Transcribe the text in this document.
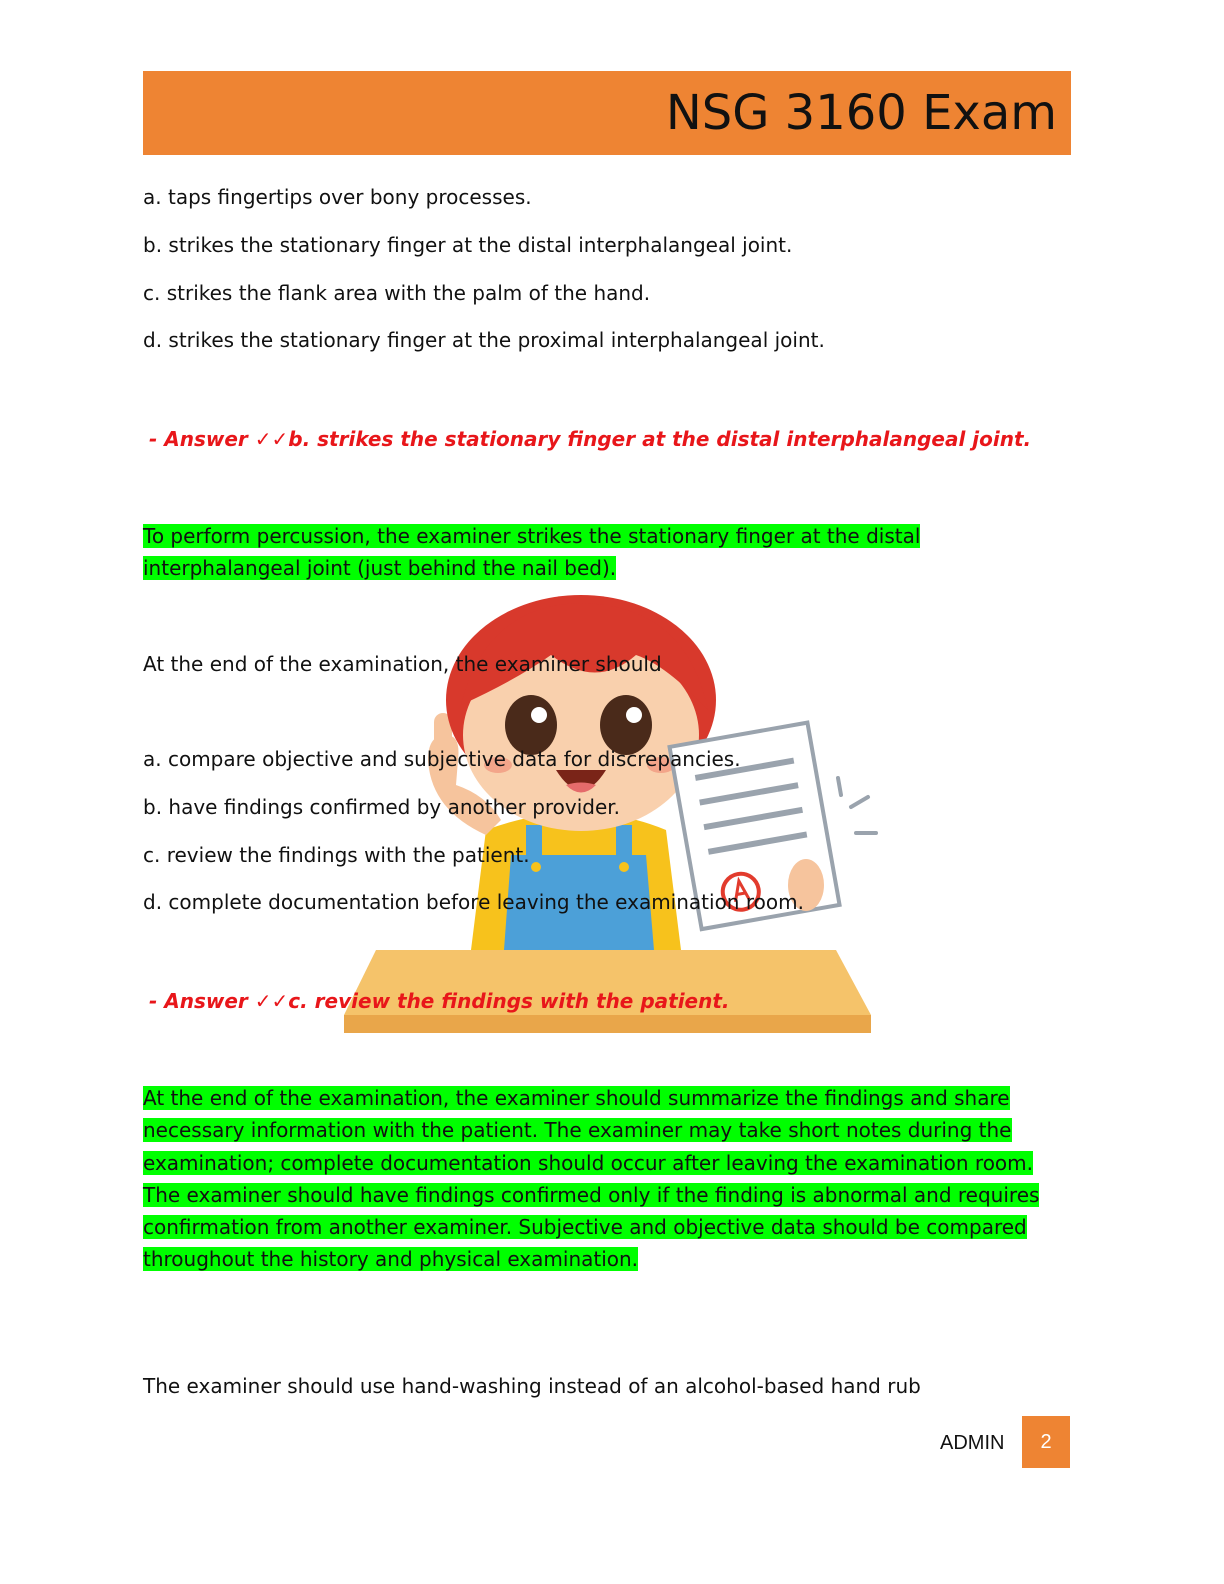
NSG 3160 Exam
a. taps fingertips over bony processes.
b. strikes the stationary finger at the distal interphalangeal joint.
c. strikes the flank area with the palm of the hand.
d. strikes the stationary finger at the proximal interphalangeal joint.
- Answer ✓✓b. strikes the stationary finger at the distal interphalangeal joint.
To perform percussion, the examiner strikes the stationary finger at the distal interphalangeal joint (just behind the nail bed).
At the end of the examination, the examiner should
a. compare objective and subjective data for discrepancies.
b. have findings confirmed by another provider.
c. review the findings with the patient.
d. complete documentation before leaving the examination room.
- Answer ✓✓c. review the findings with the patient.
At the end of the examination, the examiner should summarize the findings and share necessary information with the patient. The examiner may take short notes during the examination; complete documentation should occur after leaving the examination room. The examiner should have findings confirmed only if the finding is abnormal and requires confirmation from another examiner. Subjective and objective data should be compared throughout the history and physical examination.
The examiner should use hand-washing instead of an alcohol-based hand rub
ADMIN	2
